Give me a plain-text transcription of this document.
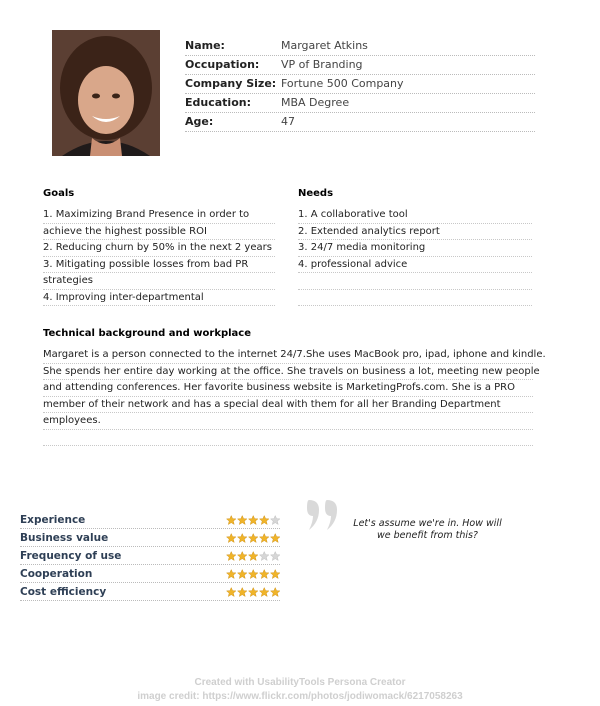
Name:	Margaret Atkins
Occupation:	VP of Branding
Company Size: Fortune 500 Company
Education:	MBA Degree
Age:	47
Goals
1. Maximizing Brand Presence in order to
achieve the highest possible ROI
2. Reducing churn by 50% in the next 2 years
3. Mitigating possible losses from bad PR
strategies
4. Improving inter-departmental
Needs
1. A collaborative tool
2. Extended analytics report
3. 24/7 media monitoring
4. professional advice
Technical background and workplace
Margaret is a person connected to the internet 24/7.She uses MacBook pro, ipad, iphone and kindle.
She spends her entire day working at the office. She travels on business a lot, meeting new people
and attending conferences. Her favorite business website is MarketingProfs.com. She is a PRO
member of their network and has a special deal with them for all her Branding Department
employees.
Experience
Business value
Frequency of use
Cooperation
Cost efficiency
Let's assume we're in. How will
we benefit from this?
Created with UsabilityTools Persona Creator
image credit: https://www.flickr.com/photos/jodiwomack/6217058263
